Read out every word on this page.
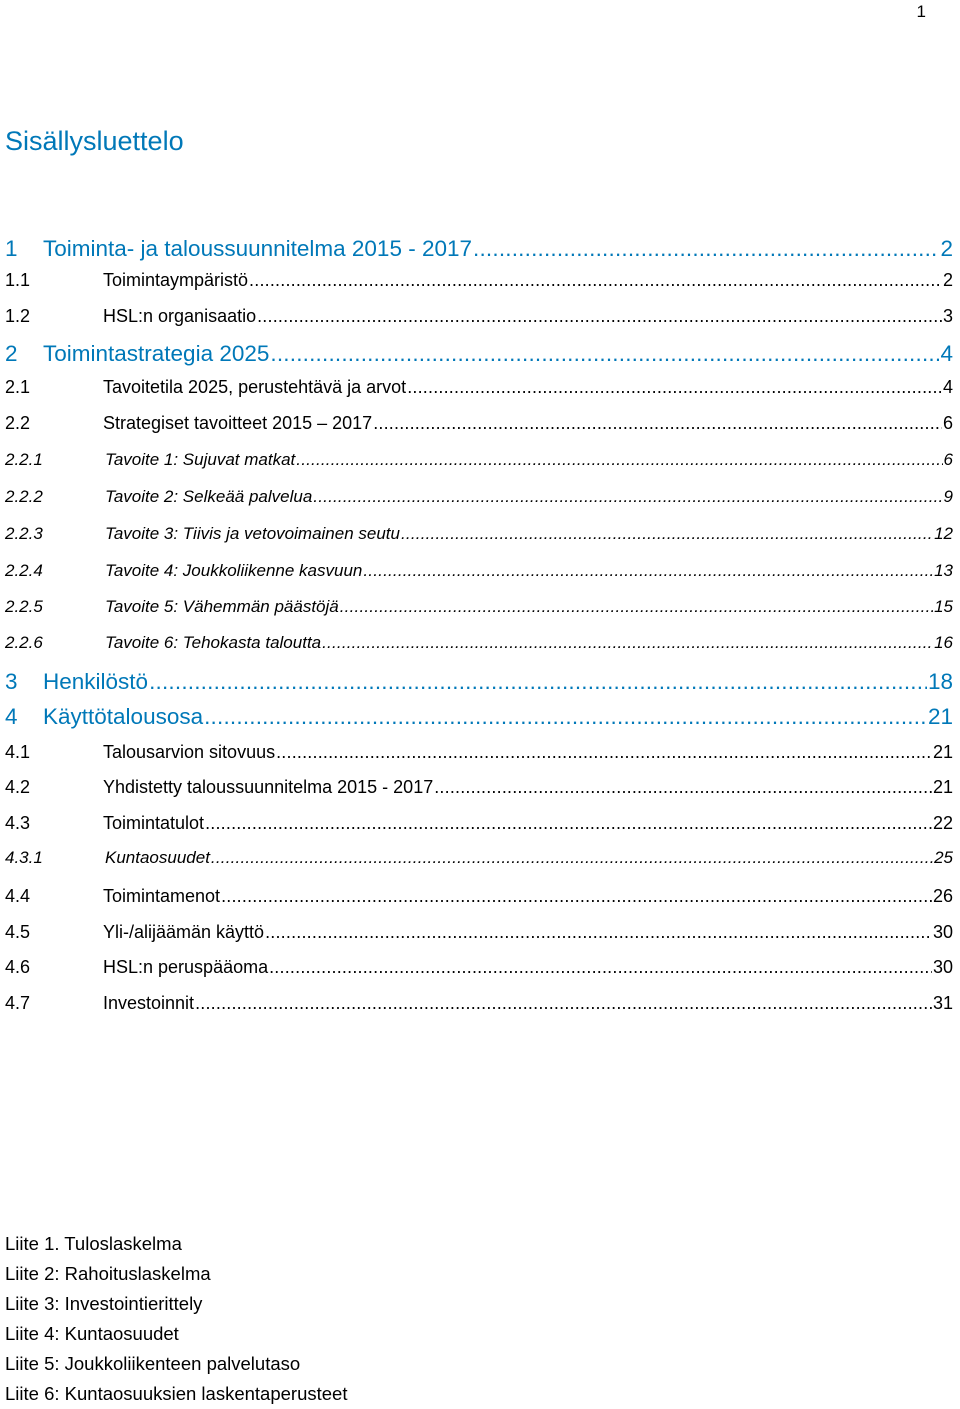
1
Sisällysluettelo
1	Toiminta- ja taloussuunnitelma 2015 - 2017 .....	2
1.1	Toimintaympäristö .....	2
1.2	HSL:n organisaatio .....	3
2	Toimintastrategia 2025 .....	4
2.1	Tavoitetila 2025, perustehtävä ja arvot .....	4
2.2	Strategiset tavoitteet 2015 – 2017 .....	6
2.2.1	Tavoite 1: Sujuvat matkat .....	6
2.2.2	Tavoite 2: Selkeää palvelua .....	9
2.2.3	Tavoite 3: Tiivis ja vetovoimainen seutu .....	12
2.2.4	Tavoite 4: Joukkoliikenne kasvuun .....	13
2.2.5	Tavoite 5: Vähemmän päästöjä .....	15
2.2.6	Tavoite 6: Tehokasta taloutta .....	16
3	Henkilöstö .....	18
4	Käyttötalousosa .....	21
4.1	Talousarvion sitovuus .....	21
4.2	Yhdistetty taloussuunnitelma 2015 - 2017 .....	21
4.3	Toimintatulot .....	22
4.3.1	Kuntaosuudet .....	25
4.4	Toimintamenot .....	26
4.5	Yli-/alijäämän käyttö .....	30
4.6	HSL:n peruspääoma .....	30
4.7	Investoinnit .....	31
Liite 1. Tuloslaskelma
Liite 2: Rahoituslaskelma
Liite 3: Investointierittely
Liite 4: Kuntaosuudet
Liite 5: Joukkoliikenteen palvelutaso
Liite 6: Kuntaosuuksien laskentaperusteet
